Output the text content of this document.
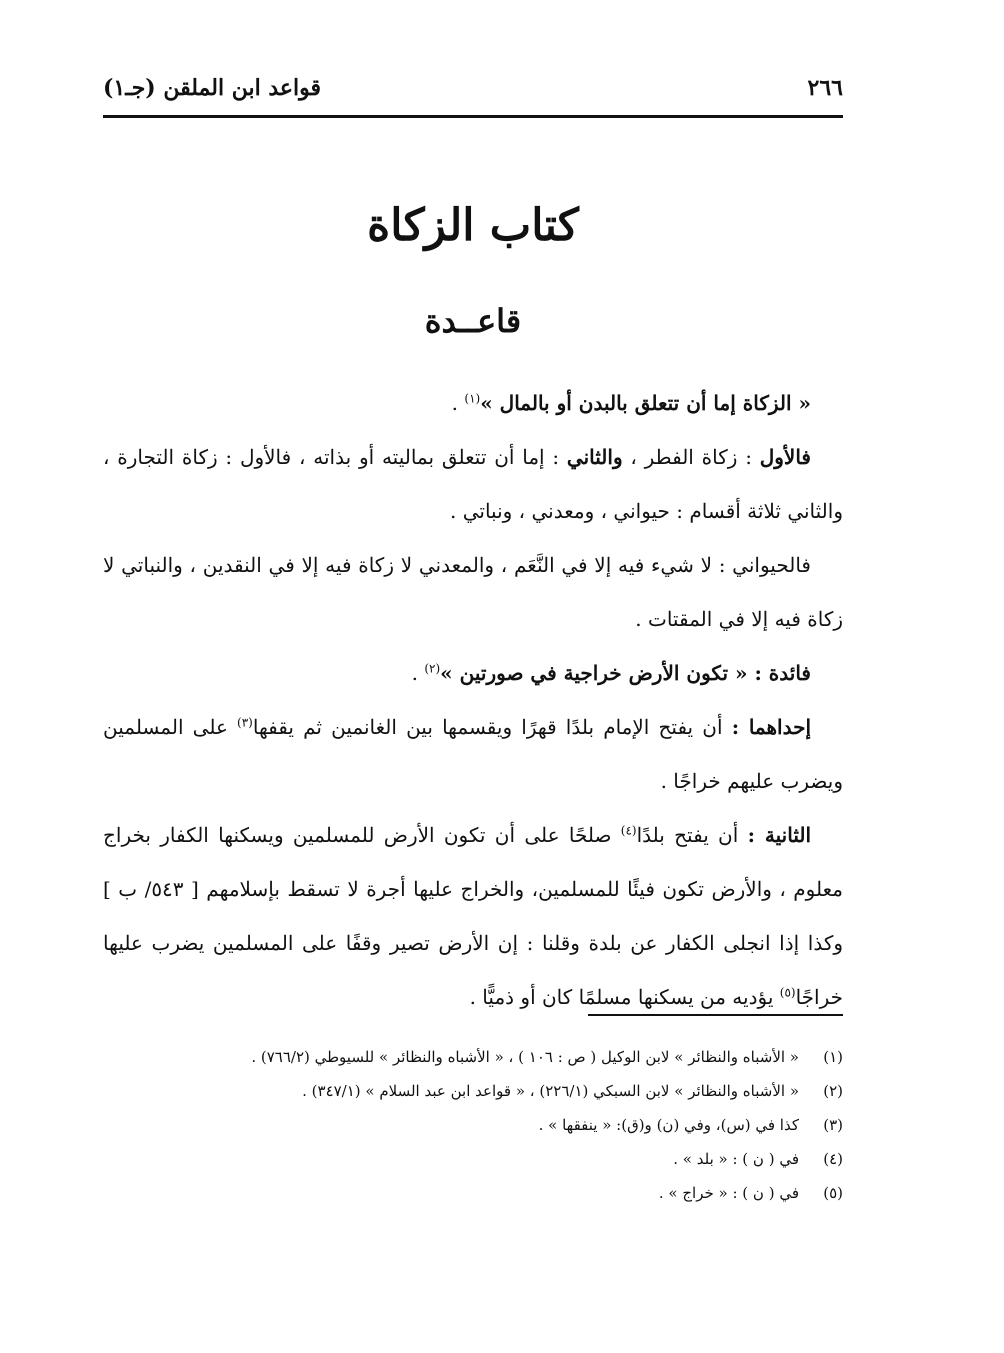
٢٦٦
قواعد ابن الملقن (جـ١)
كتاب الزكاة
قاعــدة

« الزكاة إما أن تتعلق بالبدن أو بالمال »$^{(١)}$ .

فالأول : زكاة الفطر ، والثاني : إما أن تتعلق بماليته أو بذاته ، فالأول : زكاة التجارة ، والثاني ثلاثة أقسام : حيواني ، ومعدني ، ونباتي .

فالحيواني : لا شيء فيه إلا في النَّعَم ، والمعدني لا زكاة فيه إلا في النقدين ، والنباتي لا زكاة فيه إلا في المقتات .

فائدة : « تكون الأرض خراجية في صورتين »$^{(٢)}$ .

إحداهما : أن يفتح الإمام بلدًا قهرًا ويقسمها بين الغانمين ثم يقفها$^{(٣)}$ على المسلمين ويضرب عليهم خراجًا .

الثانية : أن يفتح بلدًا$^{(٤)}$ صلحًا على أن تكون الأرض للمسلمين ويسكنها الكفار بخراج معلوم ، والأرض تكون فيئًا للمسلمين، والخراج عليها أجرة لا تسقط بإسلامهم [ ٥٤٣/ ب ] وكذا إذا انجلى الكفار عن بلدة وقلنا : إن الأرض تصير وقفًا على المسلمين يضرب عليها خراجًا$^{(٥)}$ يؤديه من يسكنها مسلمًا كان أو ذميًّا .

(١)
« الأشباه والنظائر » لابن الوكيل ( ص : ١٠٦ ) ، « الأشباه والنظائر » للسيوطي (٧٦٦/٢) .
(٢)
« الأشباه والنظائر » لابن السبكي (٢٢٦/١) ، « قواعد ابن عبد السلام » (٣٤٧/١) .
(٣)
كذا في (س)، وفي (ن) و(ق): « ينفقها » .
(٤)
في ( ن ) : « بلد » .
(٥)
في ( ن ) : « خراج » .
